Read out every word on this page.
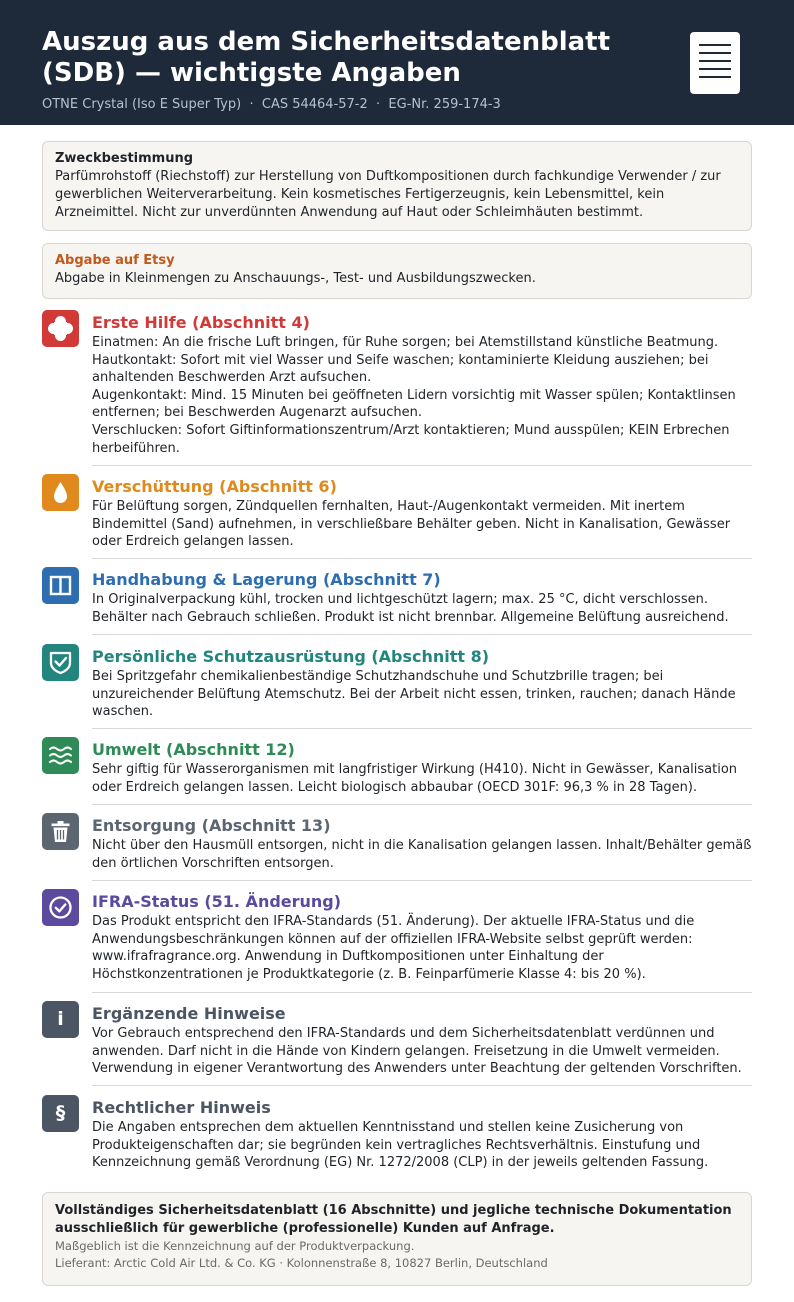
Auszug aus dem Sicherheitsdatenblatt (SDB) — wichtigste Angaben
OTNE Crystal (Iso E Super Typ)  ·  CAS 54464-57-2  ·  EG-Nr. 259-174-3
Zweckbestimmung
Parfümrohstoff (Riechstoff) zur Herstellung von Duftkompositionen durch fachkundige Verwender / zur gewerblichen Weiterverarbeitung. Kein kosmetisches Fertigerzeugnis, kein Lebensmittel, kein Arzneimittel. Nicht zur unverdünnten Anwendung auf Haut oder Schleimhäuten bestimmt.
Abgabe auf Etsy
Abgabe in Kleinmengen zu Anschauungs-, Test- und Ausbildungszwecken.
Erste Hilfe (Abschnitt 4)
Einatmen: An die frische Luft bringen, für Ruhe sorgen; bei Atemstillstand künstliche Beatmung.
Hautkontakt: Sofort mit viel Wasser und Seife waschen; kontaminierte Kleidung ausziehen; bei anhaltenden Beschwerden Arzt aufsuchen.
Augenkontakt: Mind. 15 Minuten bei geöffneten Lidern vorsichtig mit Wasser spülen; Kontaktlinsen entfernen; bei Beschwerden Augenarzt aufsuchen.
Verschlucken: Sofort Giftinformationszentrum/Arzt kontaktieren; Mund ausspülen; KEIN Erbrechen herbeiführen.
Verschüttung (Abschnitt 6)
Für Belüftung sorgen, Zündquellen fernhalten, Haut-/Augenkontakt vermeiden. Mit inertem Bindemittel (Sand) aufnehmen, in verschließbare Behälter geben. Nicht in Kanalisation, Gewässer oder Erdreich gelangen lassen.
Handhabung & Lagerung (Abschnitt 7)
In Originalverpackung kühl, trocken und lichtgeschützt lagern; max. 25 °C, dicht verschlossen. Behälter nach Gebrauch schließen. Produkt ist nicht brennbar. Allgemeine Belüftung ausreichend.
Persönliche Schutzausrüstung (Abschnitt 8)
Bei Spritzgefahr chemikalienbeständige Schutzhandschuhe und Schutzbrille tragen; bei unzureichender Belüftung Atemschutz. Bei der Arbeit nicht essen, trinken, rauchen; danach Hände waschen.
Umwelt (Abschnitt 12)
Sehr giftig für Wasserorganismen mit langfristiger Wirkung (H410). Nicht in Gewässer, Kanalisation oder Erdreich gelangen lassen. Leicht biologisch abbaubar (OECD 301F: 96,3 % in 28 Tagen).
Entsorgung (Abschnitt 13)
Nicht über den Hausmüll entsorgen, nicht in die Kanalisation gelangen lassen. Inhalt/Behälter gemäß den örtlichen Vorschriften entsorgen.
IFRA-Status (51. Änderung)
Das Produkt entspricht den IFRA-Standards (51. Änderung). Der aktuelle IFRA-Status und die Anwendungsbeschränkungen können auf der offiziellen IFRA-Website selbst geprüft werden: www.ifrafragrance.org. Anwendung in Duftkompositionen unter Einhaltung der Höchstkonzentrationen je Produktkategorie (z. B. Feinparfümerie Klasse 4: bis 20 %).
i	Ergänzende Hinweise
Vor Gebrauch entsprechend den IFRA-Standards und dem Sicherheitsdatenblatt verdünnen und anwenden. Darf nicht in die Hände von Kindern gelangen. Freisetzung in die Umwelt vermeiden. Verwendung in eigener Verantwortung des Anwenders unter Beachtung der geltenden Vorschriften.
§	Rechtlicher Hinweis
Die Angaben entsprechen dem aktuellen Kenntnisstand und stellen keine Zusicherung von Produkteigenschaften dar; sie begründen kein vertragliches Rechtsverhältnis. Einstufung und Kennzeichnung gemäß Verordnung (EG) Nr. 1272/2008 (CLP) in der jeweils geltenden Fassung.
Vollständiges Sicherheitsdatenblatt (16 Abschnitte) und jegliche technische Dokumentation ausschließlich für gewerbliche (professionelle) Kunden auf Anfrage.
Maßgeblich ist die Kennzeichnung auf der Produktverpackung.
Lieferant: Arctic Cold Air Ltd. & Co. KG · Kolonnenstraße 8, 10827 Berlin, Deutschland
